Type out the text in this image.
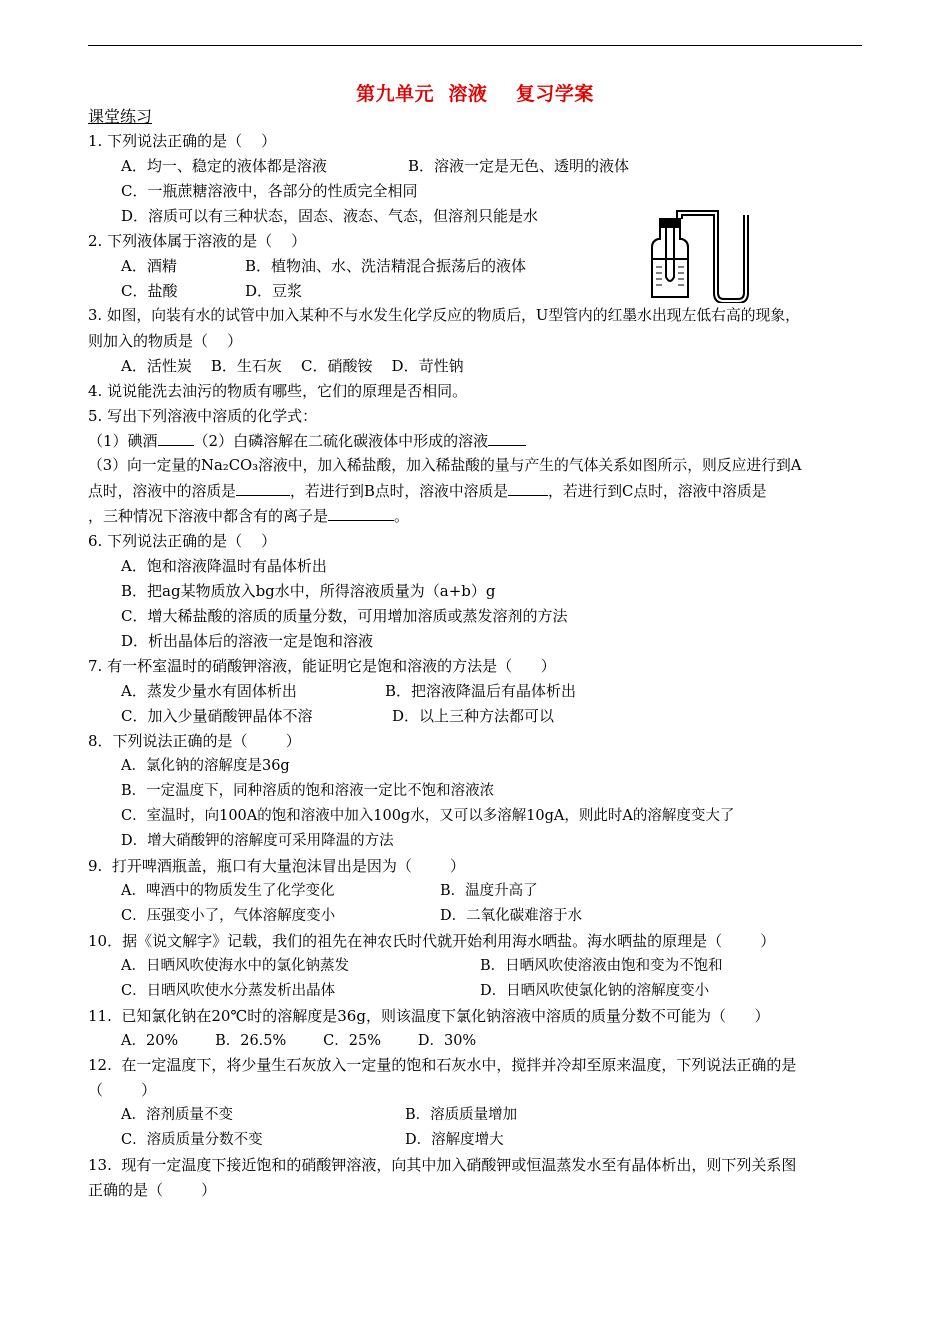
第九单元  溶液    复习学案
课堂练习
1. 下列说法正确的是（    ）
A．均一、稳定的液体都是溶液	B．溶液一定是无色、透明的液体
C．一瓶蔗糖溶液中，各部分的性质完全相同
D．溶质可以有三种状态，固态、液态、气态，但溶剂只能是水
2. 下列液体属于溶液的是（    ）
A．酒精	B．植物油、水、洗洁精混合振荡后的液体
C．盐酸	D．豆浆
3. 如图，向装有水的试管中加入某种不与水发生化学反应的物质后，U型管内的红墨水出现左低右高的现象，
则加入的物质是（    ）
A．活性炭    B．生石灰    C．硝酸铵    D．苛性钠
4. 说说能洗去油污的物质有哪些，它们的原理是否相同。
5. 写出下列溶液中溶质的化学式：
（1）碘酒 （2）白磷溶解在二硫化碳液体中形成的溶液
（3）向一定量的Na₂CO₃溶液中，加入稀盐酸，加入稀盐酸的量与产生的气体关系如图所示，则反应进行到A
点时，溶液中的溶质是	，若进行到B点时，溶液中溶质是	，若进行到C点时，溶液中溶质是
，三种情况下溶液中都含有的离子是	。
6. 下列说法正确的是（    ）
A．饱和溶液降温时有晶体析出
B．把ag某物质放入bg水中，所得溶液质量为（a+b）g
C．增大稀盐酸的溶质的质量分数，可用增加溶质或蒸发溶剂的方法
D．析出晶体后的溶液一定是饱和溶液
7. 有一杯室温时的硝酸钾溶液，能证明它是饱和溶液的方法是（      ）
A．蒸发少量水有固体析出	B．把溶液降温后有晶体析出
C．加入少量硝酸钾晶体不溶	D．以上三种方法都可以
8．下列说法正确的是（        ）
A．氯化钠的溶解度是36g
B．一定温度下，同种溶质的饱和溶液一定比不饱和溶液浓
C．室温时，向100A的饱和溶液中加入100g水，又可以多溶解10gA，则此时A的溶解度变大了
D．增大硝酸钾的溶解度可采用降温的方法
9.  打开啤酒瓶盖，瓶口有大量泡沫冒出是因为（        ）
A．啤酒中的物质发生了化学变化	B．温度升高了
C．压强变小了，气体溶解度变小	D．二氧化碳难溶于水
10．据《说文解字》记载，我们的祖先在神农氏时代就开始利用海水晒盐。海水晒盐的原理是（        ）
A．日晒风吹使海水中的氯化钠蒸发	B．日晒风吹使溶液由饱和变为不饱和
C．日晒风吹使水分蒸发析出晶体	D．日晒风吹使氯化钠的溶解度变小
11.  已知氯化钠在20℃时的溶解度是36g，则该温度下氯化钠溶液中溶质的质量分数不可能为（      ）
A．20%        B．26.5%        C．25%        D．30%
12.  在一定温度下，将少量生石灰放入一定量的饱和石灰水中，搅拌并冷却至原来温度，下列说法正确的是
（        ）
A．溶剂质量不变	B．溶质质量增加
C．溶质质量分数不变	D．溶解度增大
13.  现有一定温度下接近饱和的硝酸钾溶液，向其中加入硝酸钾或恒温蒸发水至有晶体析出，则下列关系图
正确的是（        ）
